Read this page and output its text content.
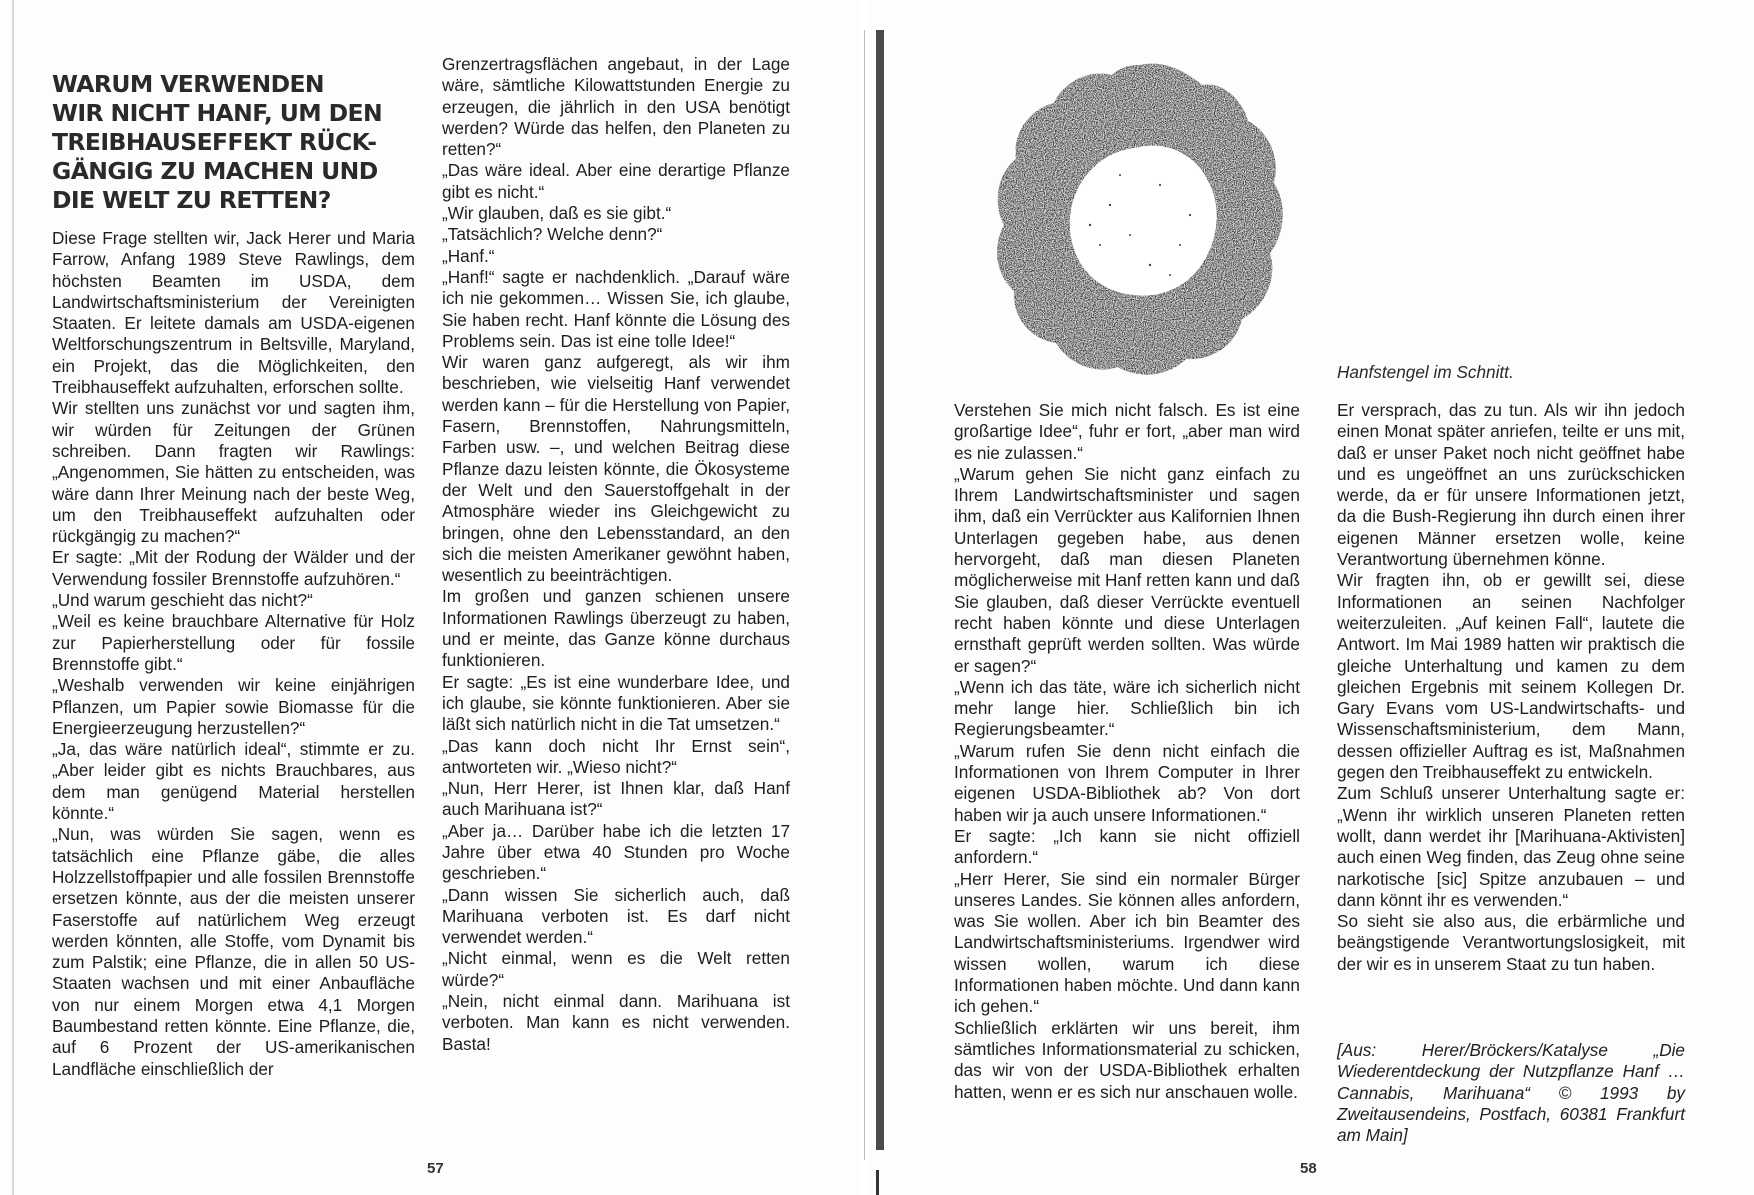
WARUM VERWENDEN
WIR NICHT HANF, UM DEN
TREIBHAUSEFFEKT RÜCK-
GÄNGIG ZU MACHEN UND
DIE WELT ZU RETTEN?

Diese Frage stellten wir, Jack Herer und Maria Farrow, Anfang 1989 Steve Rawlings, dem höchsten Beamten im USDA, dem Landwirtschaftsministerium der Vereinigten Staaten. Er leitete damals am USDA-eigenen Weltforschungszentrum in Beltsville, Maryland, ein Projekt, das die Möglichkeiten, den Treibhauseffekt aufzuhalten, erforschen sollte.

Wir stellten uns zunächst vor und sagten ihm, wir würden für Zeitungen der Grünen schreiben. Dann fragten wir Rawlings: „Angenommen, Sie hätten zu entscheiden, was wäre dann Ihrer Meinung nach der beste Weg, um den Treibhauseffekt aufzuhalten oder rückgängig zu machen?“

Er sagte: „Mit der Rodung der Wälder und der Verwendung fossiler Brennstoffe aufzuhören.“

„Und warum geschieht das nicht?“

„Weil es keine brauchbare Alternative für Holz zur Papierherstellung oder für fossile Brennstoffe gibt.“

„Weshalb verwenden wir keine einjährigen Pflanzen, um Papier sowie Biomasse für die Energieerzeugung herzustellen?“

„Ja, das wäre natürlich ideal“, stimmte er zu. „Aber leider gibt es nichts Brauchbares, aus dem man genügend Material herstellen könnte.“

„Nun, was würden Sie sagen, wenn es tatsächlich eine Pflanze gäbe, die alles Holzzellstoffpapier und alle fossilen Brennstoffe ersetzen könnte, aus der die meisten unserer Faserstoffe auf natürlichem Weg erzeugt werden könnten, alle Stoffe, vom Dynamit bis zum Palstik; eine Pflanze, die in allen 50 US-Staaten wachsen und mit einer Anbaufläche von nur einem Morgen etwa 4,1 Morgen Baumbestand retten könnte. Eine Pflanze, die, auf 6 Prozent der US-amerikanischen Landfläche einschließlich der

Grenzertragsflächen angebaut, in der Lage wäre, sämtliche Kilowattstunden Energie zu erzeugen, die jährlich in den USA benötigt werden? Würde das helfen, den Planeten zu retten?“

„Das wäre ideal. Aber eine derartige Pflanze gibt es nicht.“

„Wir glauben, daß es sie gibt.“

„Tatsächlich? Welche denn?“

„Hanf.“

„Hanf!“ sagte er nachdenklich. „Darauf wäre ich nie gekommen… Wissen Sie, ich glaube, Sie haben recht. Hanf könnte die Lösung des Problems sein. Das ist eine tolle Idee!“

Wir waren ganz aufgeregt, als wir ihm beschrieben, wie vielseitig Hanf verwendet werden kann – für die Herstellung von Papier, Fasern, Brennstoffen, Nahrungsmitteln, Farben usw. –, und welchen Beitrag diese Pflanze dazu leisten könnte, die Ökosysteme der Welt und den Sauerstoffgehalt in der Atmosphäre wieder ins Gleichgewicht zu bringen, ohne den Lebensstandard, an den sich die meisten Amerikaner gewöhnt haben, wesentlich zu beeinträchtigen.

Im großen und ganzen schienen unsere Informationen Rawlings überzeugt zu haben, und er meinte, das Ganze könne durchaus funktionieren.

Er sagte: „Es ist eine wunderbare Idee, und ich glaube, sie könnte funktionieren. Aber sie läßt sich natürlich nicht in die Tat umsetzen.“

„Das kann doch nicht Ihr Ernst sein“, antworteten wir. „Wieso nicht?“

„Nun, Herr Herer, ist Ihnen klar, daß Hanf auch Marihuana ist?“

„Aber ja… Darüber habe ich die letzten 17 Jahre über etwa 40 Stunden pro Woche geschrieben.“

„Dann wissen Sie sicherlich auch, daß Marihuana verboten ist. Es darf nicht verwendet werden.“

„Nicht einmal, wenn es die Welt retten würde?“

„Nein, nicht einmal dann. Marihuana ist verboten. Man kann es nicht verwenden. Basta!

57
Hanfstengel im Schnitt.

Verstehen Sie mich nicht falsch. Es ist eine großartige Idee“, fuhr er fort, „aber man wird es nie zulassen.“

„Warum gehen Sie nicht ganz einfach zu Ihrem Landwirtschaftsminister und sagen ihm, daß ein Verrückter aus Kalifornien Ihnen Unterlagen gegeben habe, aus denen hervorgeht, daß man diesen Planeten möglicherweise mit Hanf retten kann und daß Sie glauben, daß dieser Verrückte eventuell recht haben könnte und diese Unterlagen ernsthaft geprüft werden sollten. Was würde er sagen?“

„Wenn ich das täte, wäre ich sicherlich nicht mehr lange hier. Schließlich bin ich Regierungsbeamter.“

„Warum rufen Sie denn nicht einfach die Informationen von Ihrem Computer in Ihrer eigenen USDA-Bibliothek ab? Von dort haben wir ja auch unsere Informationen.“

Er sagte: „Ich kann sie nicht offiziell anfordern.“

„Herr Herer, Sie sind ein normaler Bürger unseres Landes. Sie können alles anfordern, was Sie wollen. Aber ich bin Beamter des Landwirtschaftsministeriums. Irgendwer wird wissen wollen, warum ich diese Informationen haben möchte. Und dann kann ich gehen.“

Schließlich erklärten wir uns bereit, ihm sämtliches Informationsmaterial zu schicken, das wir von der USDA-Bibliothek erhalten hatten, wenn er es sich nur anschauen wolle.

Er versprach, das zu tun. Als wir ihn jedoch einen Monat später anriefen, teilte er uns mit, daß er unser Paket noch nicht geöffnet habe und es ungeöffnet an uns zurückschicken werde, da er für unsere Informationen jetzt, da die Bush-Regierung ihn durch einen ihrer eigenen Männer ersetzen wolle, keine Verantwortung übernehmen könne.

Wir fragten ihn, ob er gewillt sei, diese Informationen an seinen Nachfolger weiterzuleiten. „Auf keinen Fall“, lautete die Antwort. Im Mai 1989 hatten wir praktisch die gleiche Unterhaltung und kamen zu dem gleichen Ergebnis mit seinem Kollegen Dr. Gary Evans vom US-Landwirtschafts- und Wissenschaftsministerium, dem Mann, dessen offizieller Auftrag es ist, Maßnahmen gegen den Treibhauseffekt zu entwickeln.

Zum Schluß unserer Unterhaltung sagte er: „Wenn ihr wirklich unseren Planeten retten wollt, dann werdet ihr [Marihuana-Aktivisten] auch einen Weg finden, das Zeug ohne seine narkotische [sic] Spitze anzubauen – und dann könnt ihr es verwenden.“

So sieht sie also aus, die erbärmliche und beängstigende Verantwortungslosigkeit, mit der wir es in unserem Staat zu tun haben.

[Aus: Herer/Bröckers/Katalyse „Die Wiederentdeckung der Nutzpflanze Hanf … Cannabis, Marihuana“ © 1993 by Zweitausendeins, Postfach, 60381 Frankfurt am Main]
58
